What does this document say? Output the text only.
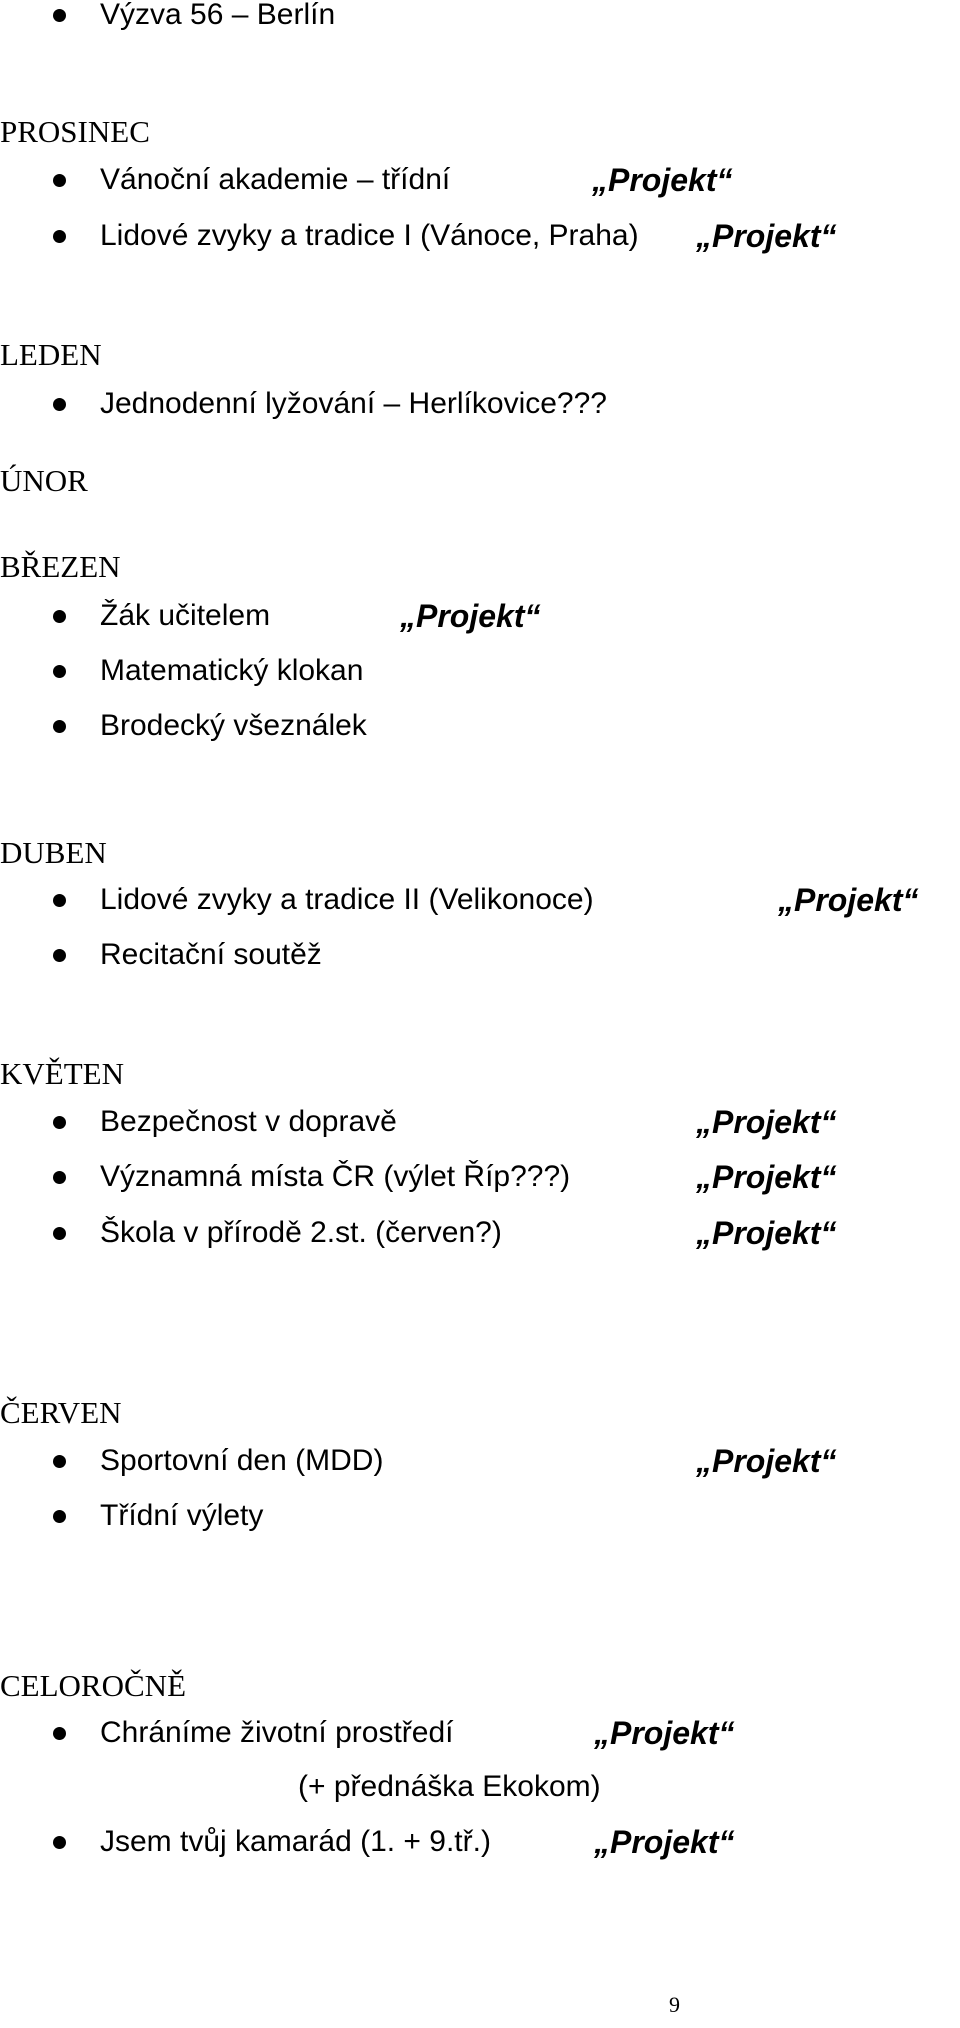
Výzva 56 – Berlín
PROSINEC
Vánoční akademie – třídní	„Projekt“
Lidové zvyky a tradice I (Vánoce, Praha) „Projekt“
LEDEN
Jednodenní lyžování – Herlíkovice???
ÚNOR
BŘEZEN
Žák učitelem	„Projekt“
Matematický klokan
Brodecký všeználek
DUBEN
Lidové zvyky a tradice II (Velikonoce)	„Projekt“
Recitační soutěž
KVĚTEN
Bezpečnost v dopravě	„Projekt“
Významná místa ČR (výlet Říp???)	„Projekt“
Škola v přírodě 2.st. (červen?)	„Projekt“
ČERVEN
Sportovní den (MDD)	„Projekt“
Třídní výlety
CELOROČNĚ
Chráníme životní prostředí	„Projekt“
(+ přednáška Ekokom)
Jsem tvůj kamarád (1. + 9.tř.)	„Projekt“
9
